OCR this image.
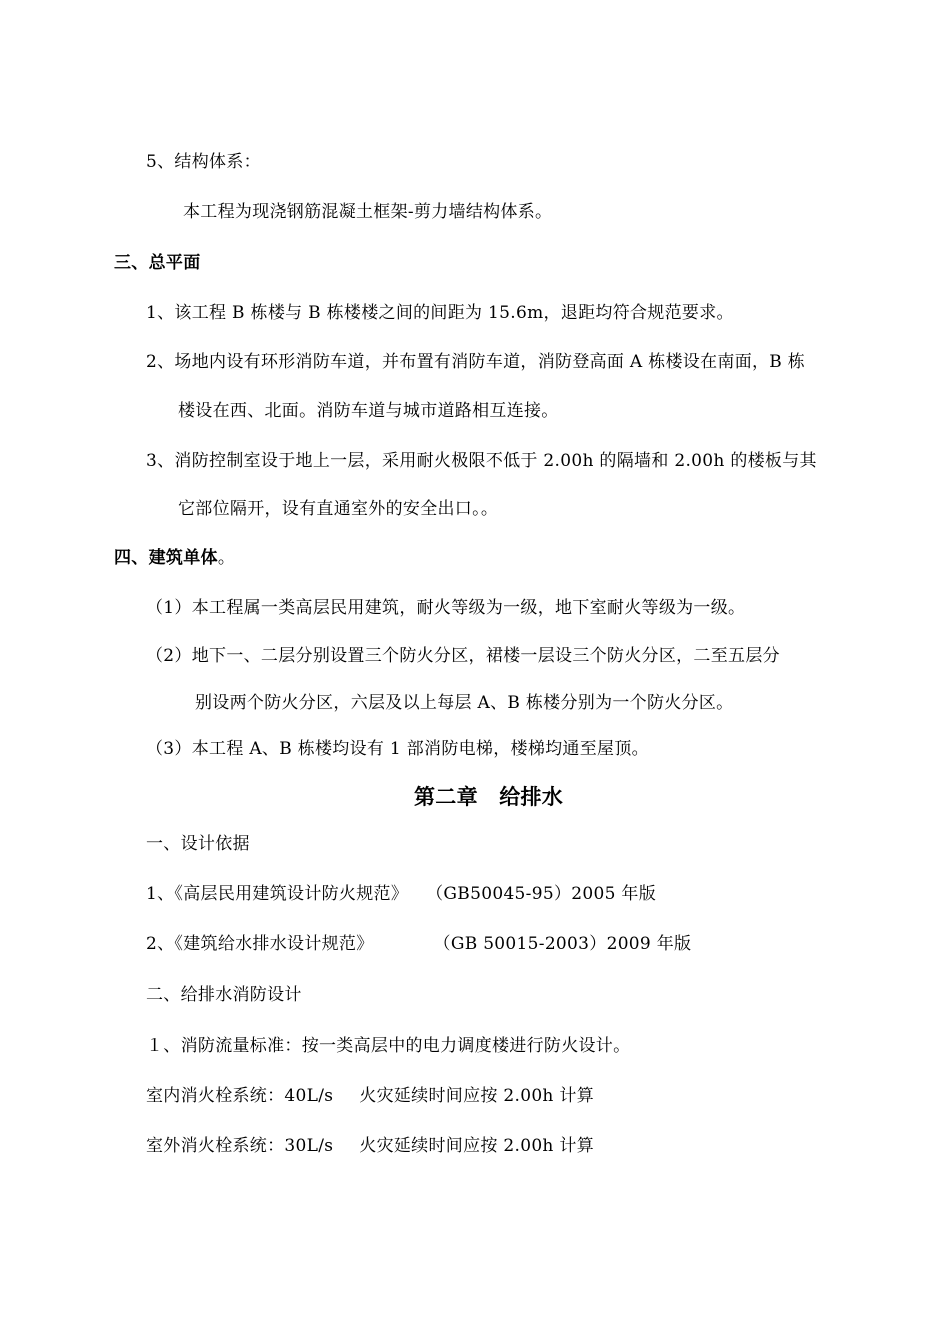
5、结构体系：
本工程为现浇钢筋混凝土框架-剪力墙结构体系。
三、总平面
1、该工程 B 栋楼与 B 栋楼楼之间的间距为 15.6m，退距均符合规范要求。
2、场地内设有环形消防车道，并布置有消防车道，消防登高面 A 栋楼设在南面，B 栋
楼设在西、北面。消防车道与城市道路相互连接。
3、消防控制室设于地上一层，采用耐火极限不低于 2.00h 的隔墙和 2.00h 的楼板与其
它部位隔开，设有直通室外的安全出口。。
四、建筑单体。
（1）本工程属一类高层民用建筑，耐火等级为一级，地下室耐火等级为一级。
（2）地下一、二层分别设置三个防火分区，裙楼一层设三个防火分区，二至五层分
别设两个防火分区，六层及以上每层 A、B 栋楼分别为一个防火分区。
（3）本工程 A、B 栋楼均设有 1 部消防电梯，楼梯均通至屋顶。
第二章　给排水
一、设计依据
1、《高层民用建筑设计防火规范》 （GB50045-95）2005 年版
2、《建筑给水排水设计规范》	（GB 50015-2003）2009 年版
二、给排水消防设计
１、消防流量标准：按一类高层中的电力调度楼进行防火设计。
室内消火栓系统：40L/s 火灾延续时间应按 2.00h 计算
室外消火栓系统：30L/s 火灾延续时间应按 2.00h 计算
